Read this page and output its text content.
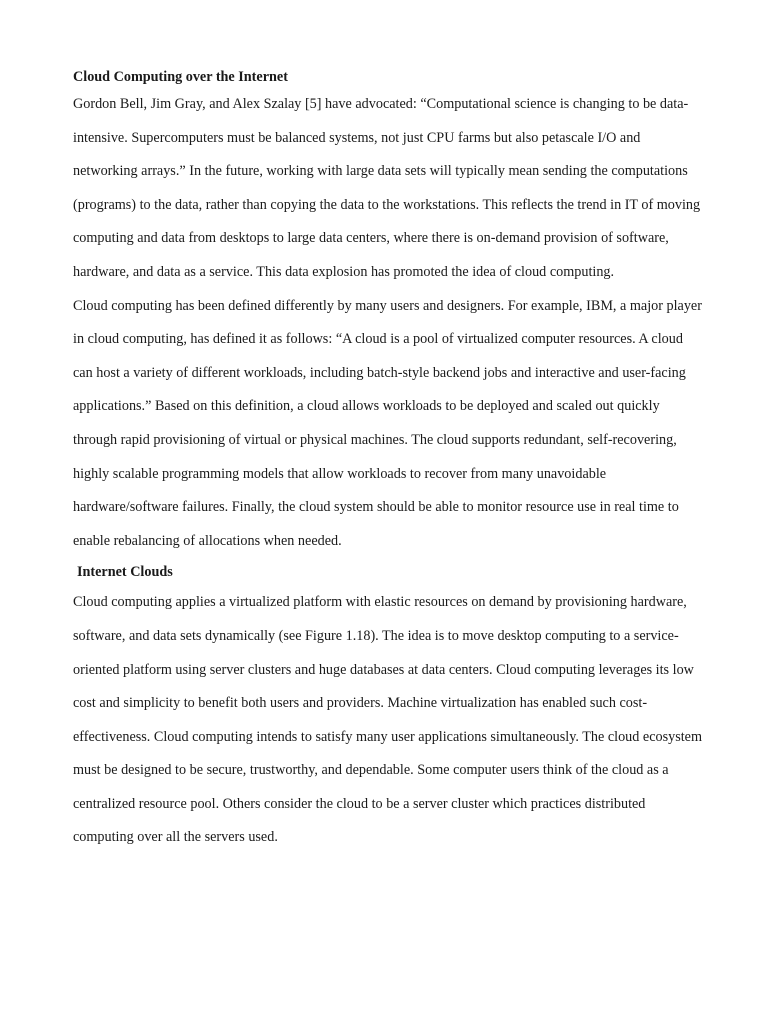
Cloud Computing over the Internet

Gordon Bell, Jim Gray, and Alex Szalay [5] have advocated: “Computational science is changing to be data-intensive. Supercomputers must be balanced systems, not just CPU farms but also petascale I/O and networking arrays.” In the future, working with large data sets will typically mean sending the computations (programs) to the data, rather than copying the data to the workstations. This reflects the trend in IT of moving computing and data from desktops to large data centers, where there is on-demand provision of software, hardware, and data as a service. This data explosion has promoted the idea of cloud computing.

Cloud computing has been defined differently by many users and designers. For example, IBM, a major player in cloud computing, has defined it as follows: “A cloud is a pool of virtualized computer resources. A cloud can host a variety of different workloads, including batch-style backend jobs and interactive and user-facing applications.” Based on this definition, a cloud allows workloads to be deployed and scaled out quickly through rapid provisioning of virtual or physical machines. The cloud supports redundant, self-recovering, highly scalable programming models that allow workloads to recover from many unavoidable hardware/software failures. Finally, the cloud system should be able to monitor resource use in real time to enable rebalancing of allocations when needed.

Internet Clouds

Cloud computing applies a virtualized platform with elastic resources on demand by provisioning hardware, software, and data sets dynamically (see Figure 1.18). The idea is to move desktop computing to a service-oriented platform using server clusters and huge databases at data centers. Cloud computing leverages its low cost and simplicity to benefit both users and providers. Machine virtualization has enabled such cost-effectiveness. Cloud computing intends to satisfy many user applications simultaneously. The cloud ecosystem must be designed to be secure, trustworthy, and dependable. Some computer users think of the cloud as a centralized resource pool. Others consider the cloud to be a server cluster which practices distributed computing over all the servers used.
